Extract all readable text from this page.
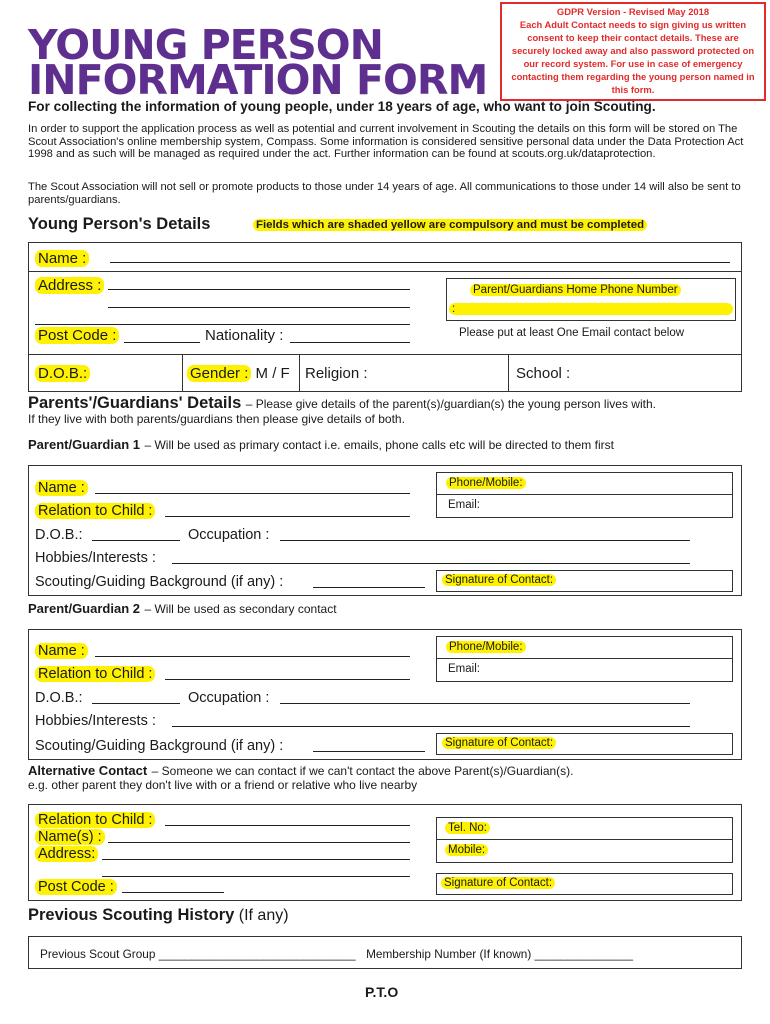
YOUNG PERSON
INFORMATION FORM
GDPR Version - Revised May 2018
Each Adult Contact needs to sign giving us written consent to keep their contact details. These are securely locked away and also password protected on our record system. For use in case of emergency contacting them regarding the young person named in this form.
For collecting the information of young people, under 18 years of age, who want to join Scouting.
In order to support the application process as well as potential and current involvement in Scouting the details on this form will be stored on The Scout Association's online membership system, Compass. Some information is considered sensitive personal data under the Data Protection Act 1998 and as such will be managed as required under the act. Further information can be found at scouts.org.uk/dataprotection.
The Scout Association will not sell or promote products to those under 14 years of age. All communications to those under 14 will also be sent to parents/guardians.
Young Person's Details	Fields which are shaded yellow are compulsory and must be completed
Name :
Address :
Post Code :	Nationality :
Parent/Guardians Home Phone Number
:
Please put at least One Email contact below
D.O.B.:	Gender : M / F Religion :	School :
Parents'/Guardians' Details – Please give details of the parent(s)/guardian(s) the young person lives with.
If they live with both parents/guardians then please give details of both.
Parent/Guardian 1 – Will be used as primary contact i.e. emails, phone calls etc will be directed to them first
Name :
Relation to Child :
D.O.B.:	Occupation :
Hobbies/Interests :
Scouting/Guiding Background (if any) :
Phone/Mobile:
Email:
Signature of Contact:
Parent/Guardian 2 – Will be used as secondary contact
Name :
Relation to Child :
D.O.B.:	Occupation :
Hobbies/Interests :
Scouting/Guiding Background (if any) :
Phone/Mobile:
Email:
Signature of Contact:
Alternative Contact – Someone we can contact if we can't contact the above Parent(s)/Guardian(s).
e.g. other parent they don't live with or a friend or relative who live nearby
Relation to Child :
Name(s) :
Address:
Post Code :
Tel. No:
Mobile:
Signature of Contact:
Previous Scouting History (If any)
Previous Scout Group ______________________________ Membership Number (If known) _______________
P.T.O
